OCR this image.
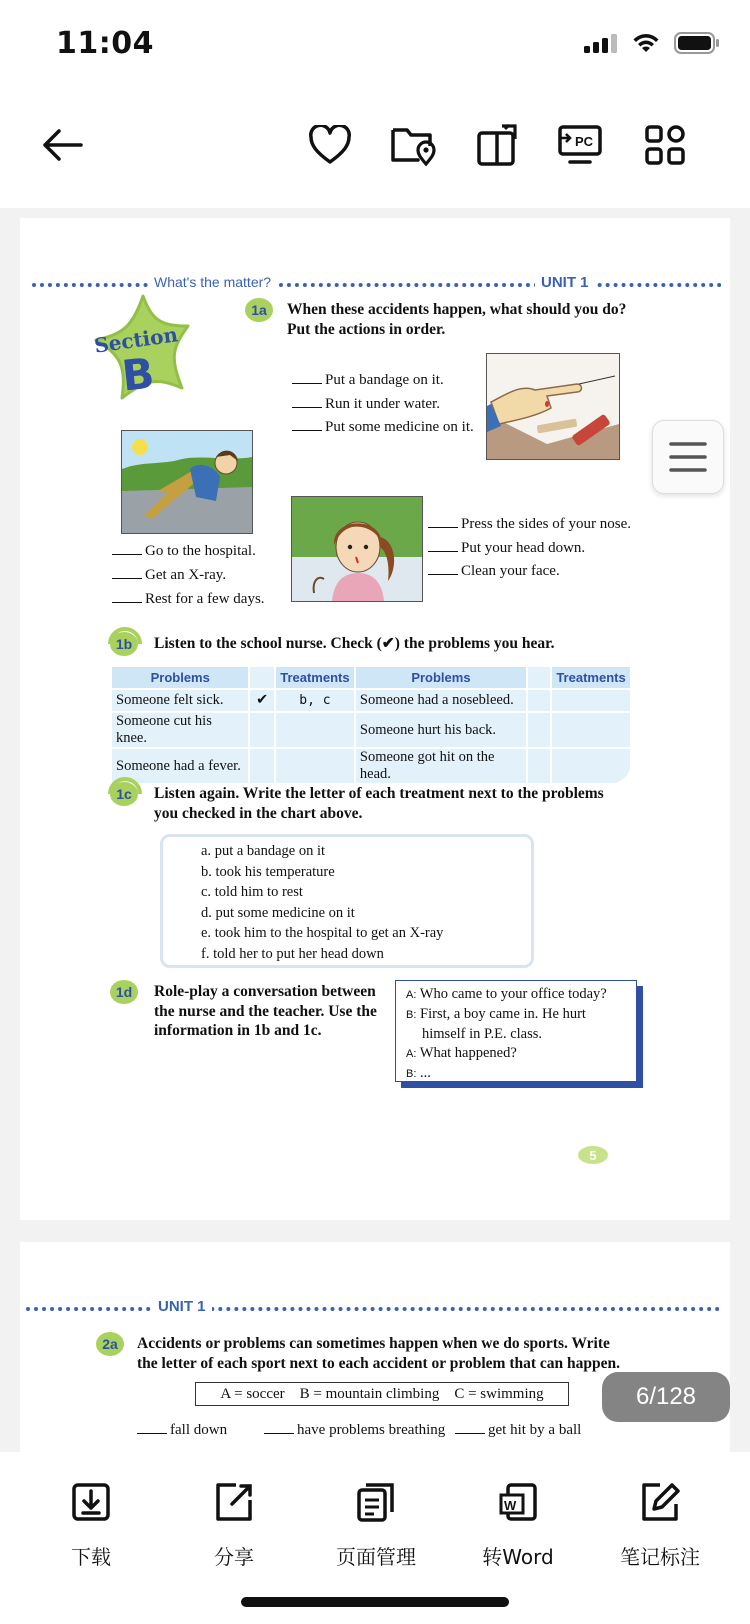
11:04
PC
What's the matter?	UNIT 1
Section
B
1a	When these accidents happen, what should you do?
Put the actions in order.
Put a bandage on it.
Run it under water.
Put some medicine on it.
Go to the hospital.
Get an X-ray.
Rest for a few days.
Press the sides of your nose.
Put your head down.
Clean your face.
1b	Listen to the school nurse. Check (✔) the problems you hear.
Problems		Treatments	Problems		Treatments
Someone felt sick.	✔	b, c	Someone had a nosebleed.		
Someone cut his knee.			Someone hurt his back.		
Someone had a fever.			Someone got hit on the head.		
1c	Listen again. Write the letter of each treatment next to the problems
you checked in the chart above.
a. put a bandage on it
b. took his temperature
c. told him to rest
d. put some medicine on it
e. took him to the hospital to get an X-ray
f. told her to put her head down
1d	Role-play a conversation between
the nurse and the teacher. Use the
information in 1b and 1c.
A: Who came to your office today?
B: First, a boy came in. He hurt
himself in P.E. class.
A: What happened?
B: ...
5
UNIT 1
2a	Accidents or problems can sometimes happen when we do sports. Write
the letter of each sport next to each accident or problem that can happen.
A = soccer    B = mountain climbing    C = swimming
fall down	have problems breathing	get hit by a ball
6/128
下载	分享	页面管理
W
转Word	笔记标注
